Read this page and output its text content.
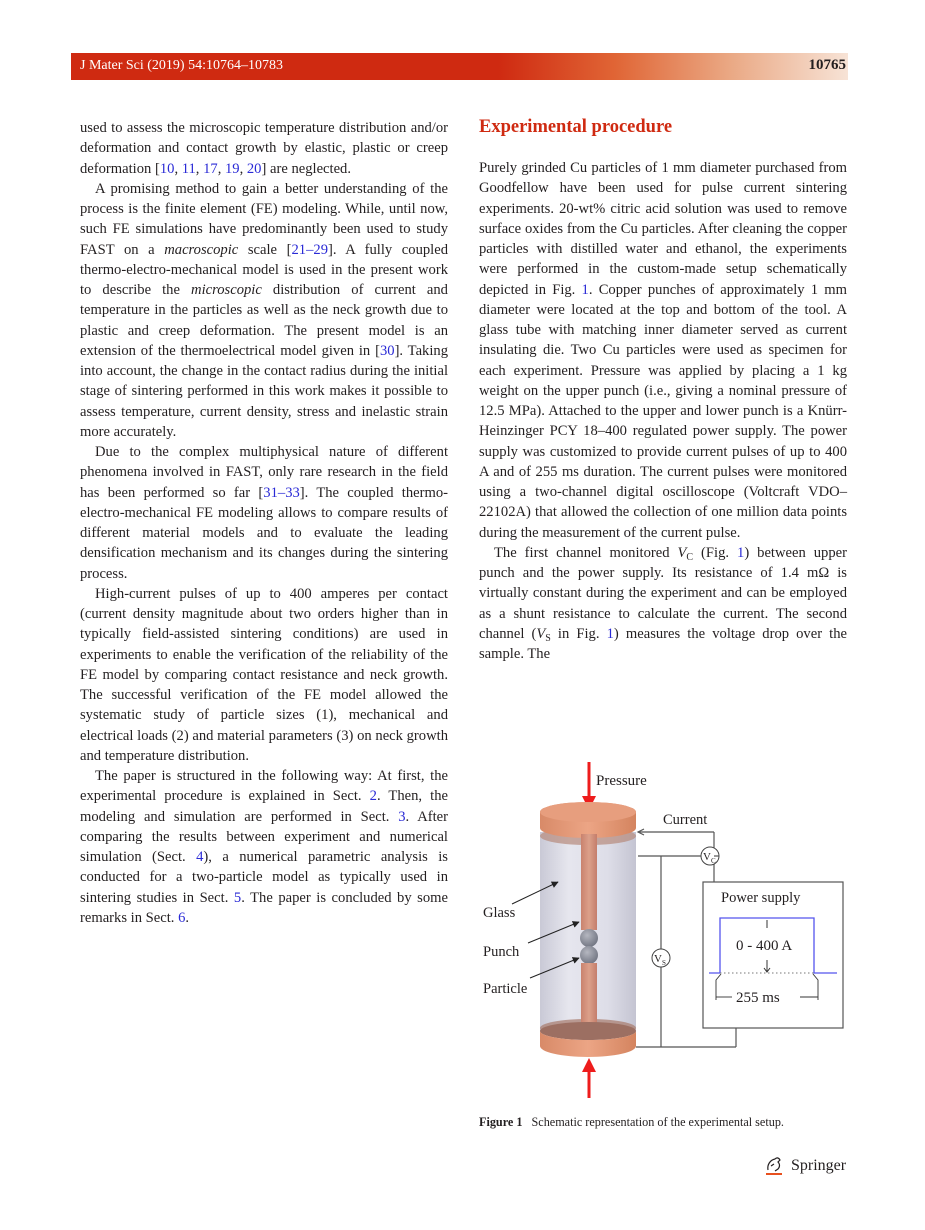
J Mater Sci (2019) 54:10764–10783	10765

used to assess the microscopic temperature distribution and/or deformation and contact growth by elastic, plastic or creep deformation [10, 11, 17, 19, 20] are neglected.

A promising method to gain a better understanding of the process is the finite element (FE) modeling. While, until now, such FE simulations have predominantly been used to study FAST on a macroscopic scale [21–29]. A fully coupled thermo-electro-mechanical model is used in the present work to describe the microscopic distribution of current and temperature in the particles as well as the neck growth due to plastic and creep deformation. The present model is an extension of the thermoelectrical model given in [30]. Taking into account, the change in the contact radius during the initial stage of sintering performed in this work makes it possible to assess temperature, current density, stress and inelastic strain more accurately.

Due to the complex multiphysical nature of different phenomena involved in FAST, only rare research in the field has been performed so far [31–33]. The coupled thermo-electro-mechanical FE modeling allows to compare results of different material models and to evaluate the leading densification mechanism and its changes during the sintering process.

High-current pulses of up to 400 amperes per contact (current density magnitude about two orders higher than in typically field-assisted sintering conditions) are used in experiments to enable the verification of the reliability of the FE model by comparing contact resistance and neck growth. The successful verification of the FE model allowed the systematic study of particle sizes (1), mechanical and electrical loads (2) and material parameters (3) on neck growth and temperature distribution.

The paper is structured in the following way: At first, the experimental procedure is explained in Sect. 2. Then, the modeling and simulation are performed in Sect. 3. After comparing the results between experiment and numerical simulation (Sect. 4), a numerical parametric analysis is conducted for a two-particle model as typically used in sintering studies in Sect. 5. The paper is concluded by some remarks in Sect. 6.

Experimental procedure

Purely grinded Cu particles of 1 mm diameter purchased from Goodfellow have been used for pulse current sintering experiments. 20-wt% citric acid solution was used to remove surface oxides from the Cu particles. After cleaning the copper particles with distilled water and ethanol, the experiments were performed in the custom-made setup schematically depicted in Fig. 1. Copper punches of approximately 1 mm diameter were located at the top and bottom of the tool. A glass tube with matching inner diameter served as current insulating die. Two Cu particles were used as specimen for each experiment. Pressure was applied by placing a 1 kg weight on the upper punch (i.e., giving a nominal pressure of 12.5 MPa). Attached to the upper and lower punch is a Knürr-Heinzinger PCY 18–400 regulated power supply. The power supply was customized to provide current pulses of up to 400 A and of 255 ms duration. The current pulses were monitored using a two-channel digital oscilloscope (Voltcraft VDO–22102A) that allowed the collection of one million data points during the measurement of the current pulse.

The first channel monitored $V_C$ (Fig. 1) between upper punch and the power supply. Its resistance of 1.4 mΩ is virtually constant during the experiment and can be employed as a shunt resistance to calculate the current. The second channel ($V_S$ in Fig. 1) measures the voltage drop over the sample. The

Pressure
Current
V C
V S
Power supply
0 - 400 A
255 ms
Glass
Punch
Particle
Figure 1 Schematic representation of the experimental setup.
Springer
